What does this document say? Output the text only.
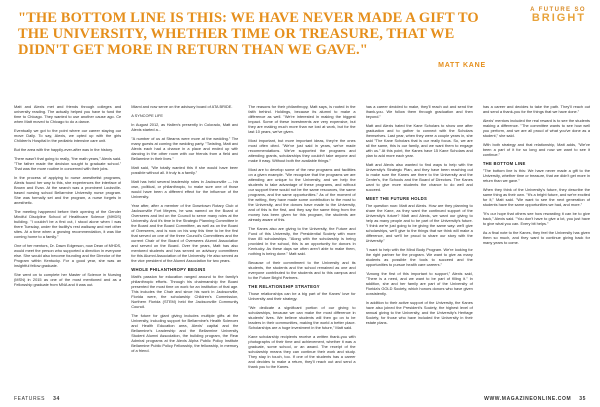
A FUTURE SO
BRIGHT

"THE BOTTOM LINE IS THIS: WE HAVE NEVER MADE A GIFT TO THE UNIVERSITY, WHETHER TIME OR TREASURE, THAT WE DIDN'T GET MORE IN RETURN THAN WE GAVE."

MATT KANE

Matt and Alexis met and friends through colleges and university reading. The actually helped you have to fund the time to Chicago. They wanted to use another cause ago. Ce when Matt moved to Chicago to do a dance.

Eventually we got to the point where our career staying our move Daily. To say, Alexis, we opted up with the girls Children's Hospital in the pediatric intensive care unit.

But the area with the happily-ever-after was in the history.

There wasn't that going to really, "the math years," Alexis said. "The father made the decision sought to graduate school." That was the more routine in concerned with their jobs.

In the process of applying to nurse anesthetist programs, Alexis found her way to this, she experiences the interface of Brown and Evan. At the search was a prominent Louisville-based nursing school Bellarmine University nurse program. She was formally set and the program, a nurse forgets in anesthetic.

The meeting happened before their opening of the Gender Mindful Discipline School of Healthcare Science (MHDS) building. "I couldn't be a first cut, I stood alone when I was there Tuesday, under the facility's rest walkway and met other sites. At a time when a growing recommendation, it was like coming home to a family."

One of her mentors, Dr. Dawn Edgerson, now Dean of MHDS, would meet the person who supported a direction in everyone else. She would also become founding and the Director of the Program within Kentucky. For a good year, she was an insightful fellow graduate.

She went on to complete her Master of Science in Nursing (MSN) in 2015 as one of the most mentioned and as a Fellowship graduate from MNA and it was out.

Miami and now serve on the advisory board of ATA BRIDE.

A SYNCOPE LIFE

In August 2012, as Hallen's presently in Colorado, Matt and Alexis started a...

"A number of us at Stearns were more at the wedding." The many guests at coming the wedding party. "Twisting, Matt and Alexis each had a chance in a place and ended up with dancing in the other room with our friends from a field and Bellarmine in their lives."

Matt said, "We totally wanted this if she would have been possible without all. It truly is a family."

Matt has held several leadership roles in Jacksonville — his own, political, or philanthropic, to make sure one of those would have been a different effect for the influence of the University.

Year after, after a member of the Downtown Rotary Club of Jacksonville Fort Meyers, he was named on the Board of Overseers and led on the Council to serve many roles at the University. And it's time in the Strategic Planning Committee in the Board and the Board Committee, as well as on the Board of Overseers, and is now on his way this time to be the first that served on one of the three Council's Committees and the current Chair of the Board of Overseers Alumni Association and served on the Board. Over the years, Matt has also mentored students and has served on advisory committees for this Alumni Association of the University. He also served as the vice president of the Alumni Association for two years.

WHOLE PHILANTHROPY BEGINS

Matt's passion for education ranged around to the family's philanthropic efforts. Through his chairmanship the Board presented the most time on work for an institution of that age. This includes the Chair and since his work in Jacksonville, Florida were, the scholarship Children's Commission, Northern Florida (STEM) held the Jacksonville Community Council.

The future for giant giving includes multiple gifts at the University, including support for Bellarmine's Health Sciences and Health Education area, Alexis' capital and the Bellarmine's Leadership and the Bellarmine University Student Alumni Association, the building program, the Rear Admiral programs at the Alexis Alpha Public Policy Institute Bellarmine Public Policy Fellowship, the fellowship, in memory of a friend.

The reasons for their philanthropy, Matt says, is rooted in the faith behind. Holdings, because its alumni to make a difference as well. "We're interested in making the biggest impact. Some of these investments are very expensive, but they are making much more than we lost at work, but for the last 10 years, we've given.

Most important, but more important ideas, they're the ones most often cited. "We've just said in years, we've made recommendations. We've supported the programs and attending grants, scholarships they couldn't take anyone and make it easy. Without both the available things."

Most are to develop some of the new programs and facilities on a given example. "We recognize that the programs we are attending are unique to the University, and we help the students to take advantage of these programs, and without our support there would not be the same resources, the same programs, and the same opportunities." As of the moment of the writing, they have made some contribution to the most to the University, and the donors have made to the University, and of this is the first, and they say the same thing from the money has been given for this program, the students are already aware of this.

The Kanes also are giving to the University, the Future and Fund of this University, the Presidential Society with more than 85 scholarships. "Along with the scholarship is being provided in the school, this is an opportunity for donors in Kentucky. As these days we often aren't able to make them, nothing is being done." Matt said.

Because of their commitment to the University and its students, the students and the school remained as one and everyone contributed to the students and to this campus and to the Future Bright Partners.

THE RELATIONSHIP STRATEGY

Those relationships can be a big part of the Kanes' love for University and their strategy.

"We dedicate a significant portion of our giving to scholarships, because we can make the most difference in students' lives. We believe students will then go on to be leaders in their communities, making the world a better place. Scholarships are a huge investment in the future," Matt said.

Kane scholarship recipients receive a written thank-you with photographs of their time and achievement, whether it was a graduate, some school, or an award. The receipt of the scholarship means they can continue their work and study. They stay in touch, too. If one of the students has a career and decides to make a return, they'll reach out and send a thank you to the Kanes.

has a career decided to make, they'll reach out and send the thank-you. We follow them through graduation and then beyond."

Matt and Alexis hated the Kane Scholars to show one after graduation and to gather to connect with the Scholars themselves. Last year, when they were a couple years in, she said "The Kane Scholars that is our really focus. So, we are all the same, this is our family, and we want them to engage with us." At this point, the Kanes have 15 Kane Scholars and plan to add more each year.

Matt and Alexis also wanted to find ways to help with the University's Strategic Plan, and they have been reaching out to make sure the Kanes are there to the University and the Center's, the Schools and the Board of Directors. The Kanes want to give more students the chance to do well and succeed.

MEET THE FUTURE HOLDS

The question now: Matt and Alexis. How are they planning to share the Kane, as they want the continued support of the University's future? Matt and Alexis, we want our giving to help as many people and to be part of the University's future. "I think we're just going to be giving the same way: we'll give scholarships, we'll give to the things that we think will make a difference, and we'll be proud to share our story with the University."

"I want to help with the Mind Body Program. We're looking for the right partner for the program. We want to give as many students as possible the tools to succeed and the opportunities to pursue health care careers."

"Among the first of this important to support," Alexis said, "There is a need, and we want to be part of filling it." In addition, she and her family are part of the University of Florida's GOLD Society, which honors donors who have given consistently.

In addition to their active support of the University, the Kanes have also joined the President's Society, the highest level of annual giving to the University, and the University's Heritage Society, for those who have included the University in their estate plans.

has a career and decides to take the path. They'll reach out and send a thank-you for the things that we have done."

Alexis' mentors included the real reward is to see the students making a difference. "The committee wants to see how well you perform, and we are all proud of what you've done as a student," she said.

With both strategy and that relationship, Matt adds, "We've been a part of it for so long and now we want to see it continue."

THE BOTTOM LINE

"The bottom line is this: We have never made a gift to the University, whether time or treasure, that we didn't get more in return than we gave."

When they think of the University's future, they describe the same thing as their own. "It's a bright future, and we're excited for it," Matt said. "We want to see the next generation of students have the same opportunities we had, and more."

"It's our hope that others see how rewarding it can be to give back," Alexis said. "You don't have to give a lot, you just have to give what you can. Every bit helps."

As a final note to the Kanes, they feel the University has given them so much, and they want to continue giving back for many years to come.

FEATURES 34	WWW.MAGAZINEONLINE.COM 35
